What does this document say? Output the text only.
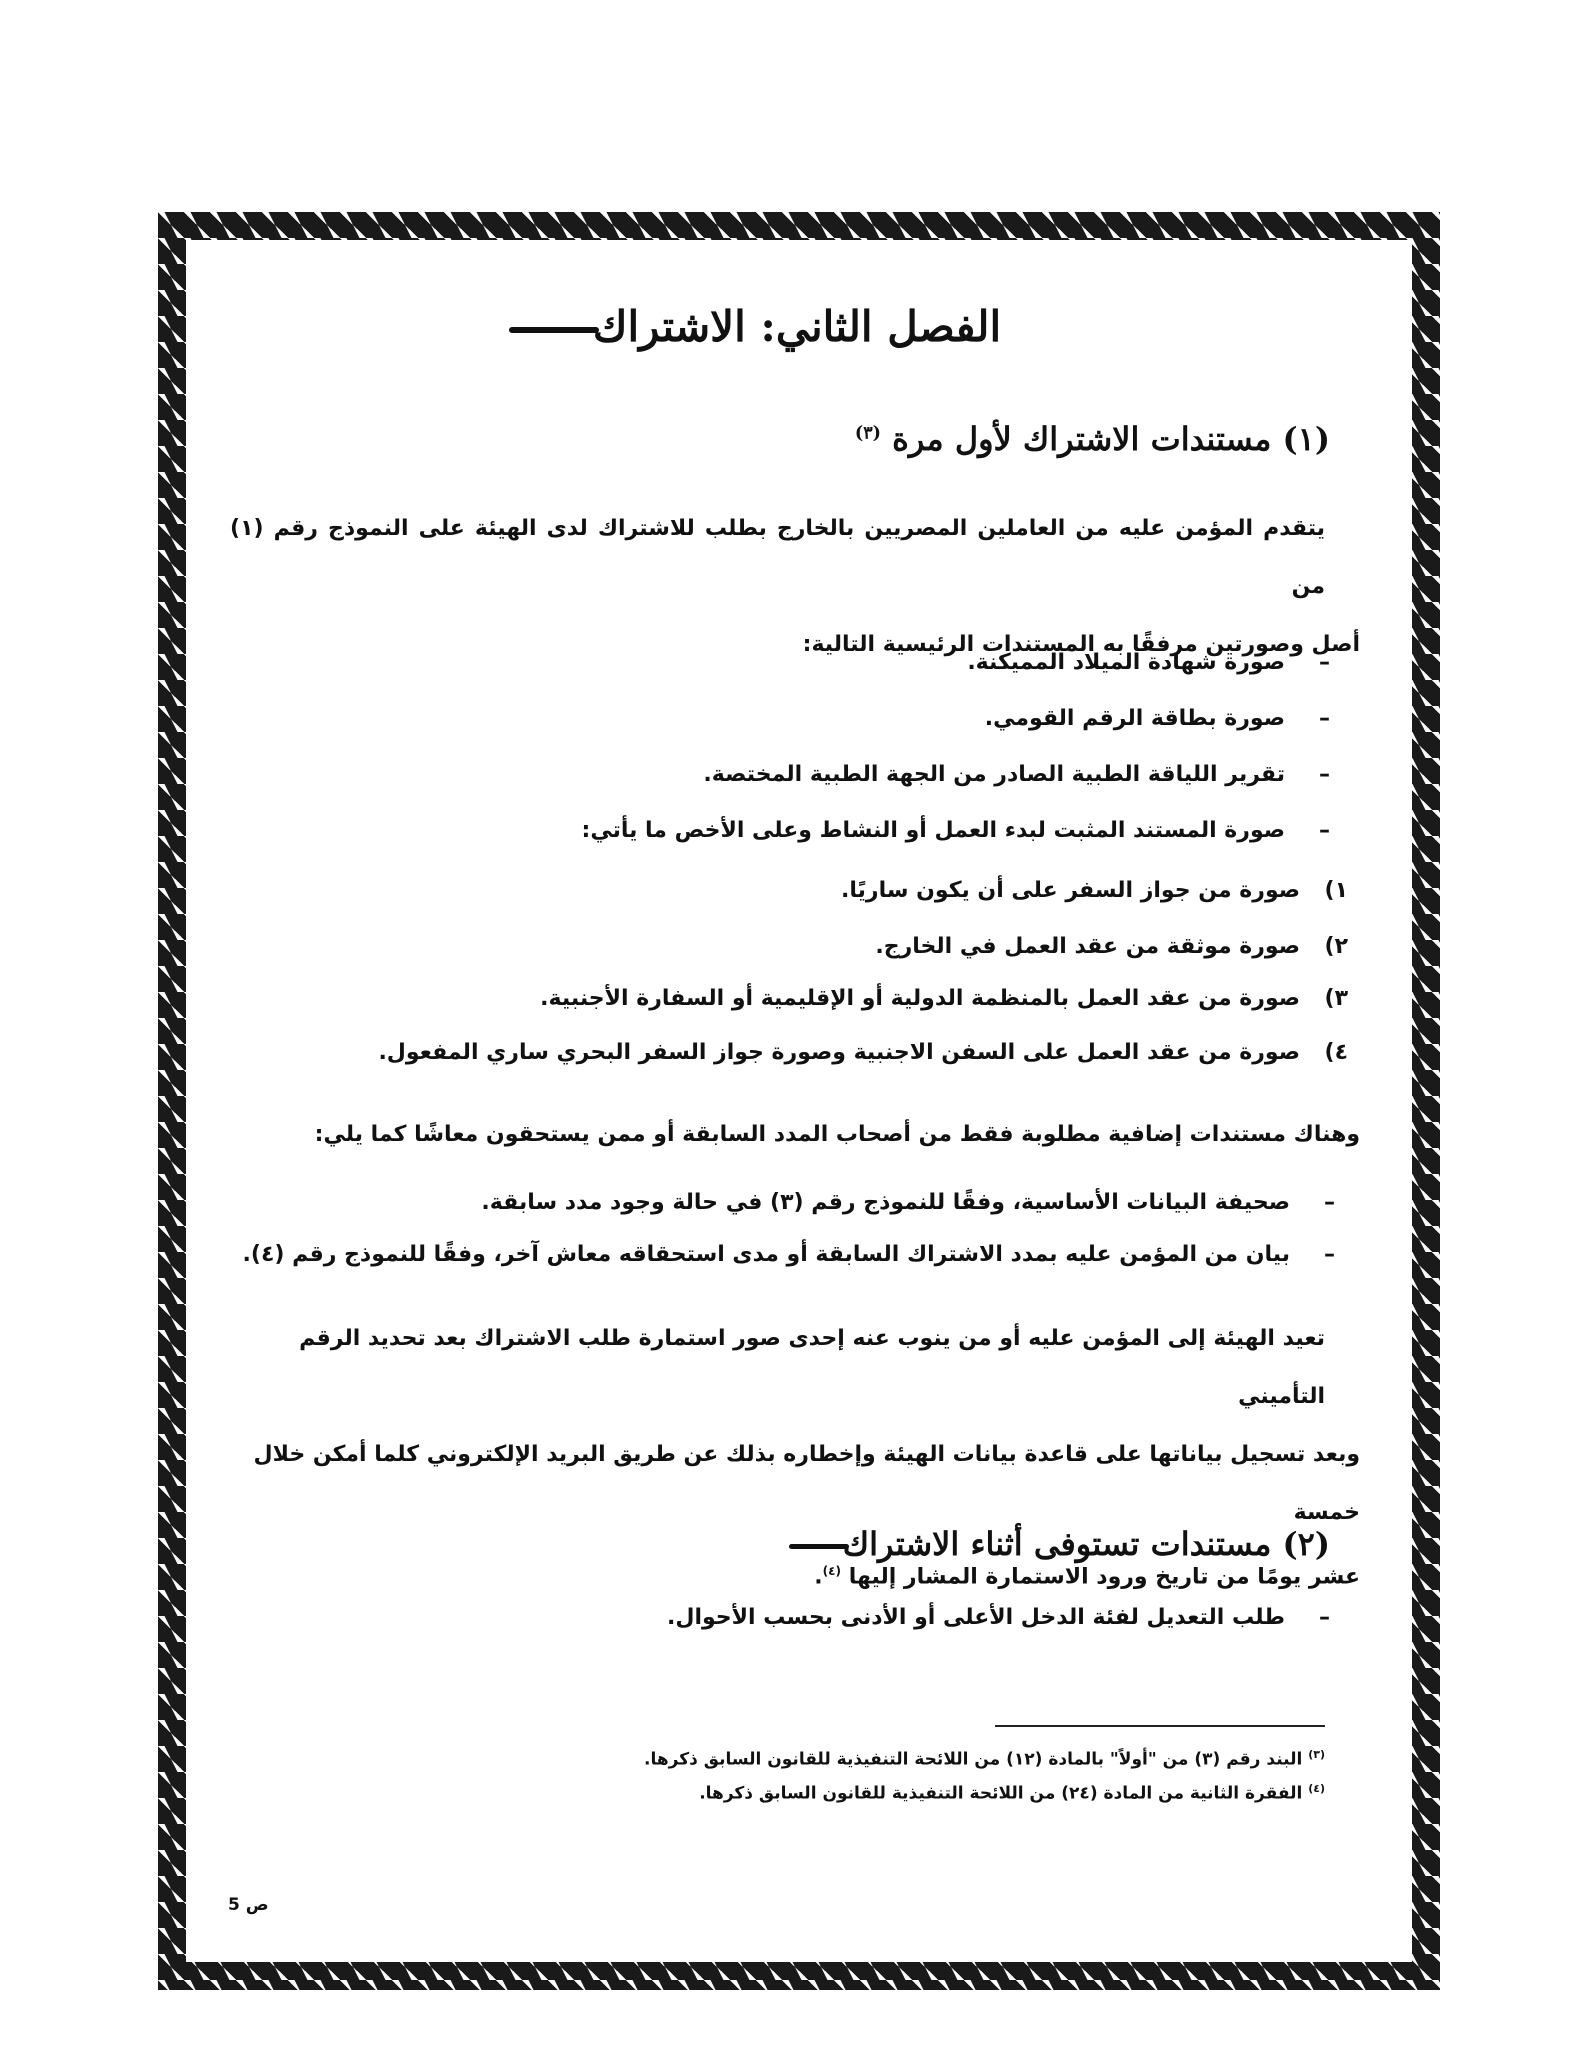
الفصل الثاني: الاشتراك
(١) مستندات الاشتراك لأول مرة $^{(٣)}$
يتقدم المؤمن عليه من العاملين المصريين بالخارج بطلب للاشتراك لدى الهيئة على النموذج رقم (١) من
أصل وصورتين مرفقًا به المستندات الرئيسية التالية:
–صورة شهادة الميلاد المميكنة.
–صورة بطاقة الرقم القومي.
–تقرير اللياقة الطبية الصادر من الجهة الطبية المختصة.
–صورة المستند المثبت لبدء العمل أو النشاط وعلى الأخص ما يأتي:
١)صورة من جواز السفر على أن يكون ساريًا.
٢)صورة موثقة من عقد العمل في الخارج.
٣)صورة من عقد العمل بالمنظمة الدولية أو الإقليمية أو السفارة الأجنبية.
٤)صورة من عقد العمل على السفن الاجنبية وصورة جواز السفر البحري ساري المفعول.
وهناك مستندات إضافية مطلوبة فقط من أصحاب المدد السابقة أو ممن يستحقون معاشًا كما يلي:
–صحيفة البيانات الأساسية، وفقًا للنموذج رقم (٣) في حالة وجود مدد سابقة.
–بيان من المؤمن عليه بمدد الاشتراك السابقة أو مدى استحقاقه معاش آخر، وفقًا للنموذج رقم (٤).
تعيد الهيئة إلى المؤمن عليه أو من ينوب عنه إحدى صور استمارة طلب الاشتراك بعد تحديد الرقم التأميني
وبعد تسجيل بياناتها على قاعدة بيانات الهيئة وإخطاره بذلك عن طريق البريد الإلكتروني كلما أمكن خلال خمسة
عشر يومًا من تاريخ ورود الاستمارة المشار إليها $^{(٤)}$.
(٢) مستندات تستوفى أثناء الاشتراك
–طلب التعديل لفئة الدخل الأعلى أو الأدنى بحسب الأحوال.
$^{(٣)}$ البند رقم (٣) من "أولاً" بالمادة (١٢) من اللائحة التنفيذية للقانون السابق ذكرها.
$^{(٤)}$ الفقرة الثانية من المادة (٢٤) من اللائحة التنفيذية للقانون السابق ذكرها.
ص 5
